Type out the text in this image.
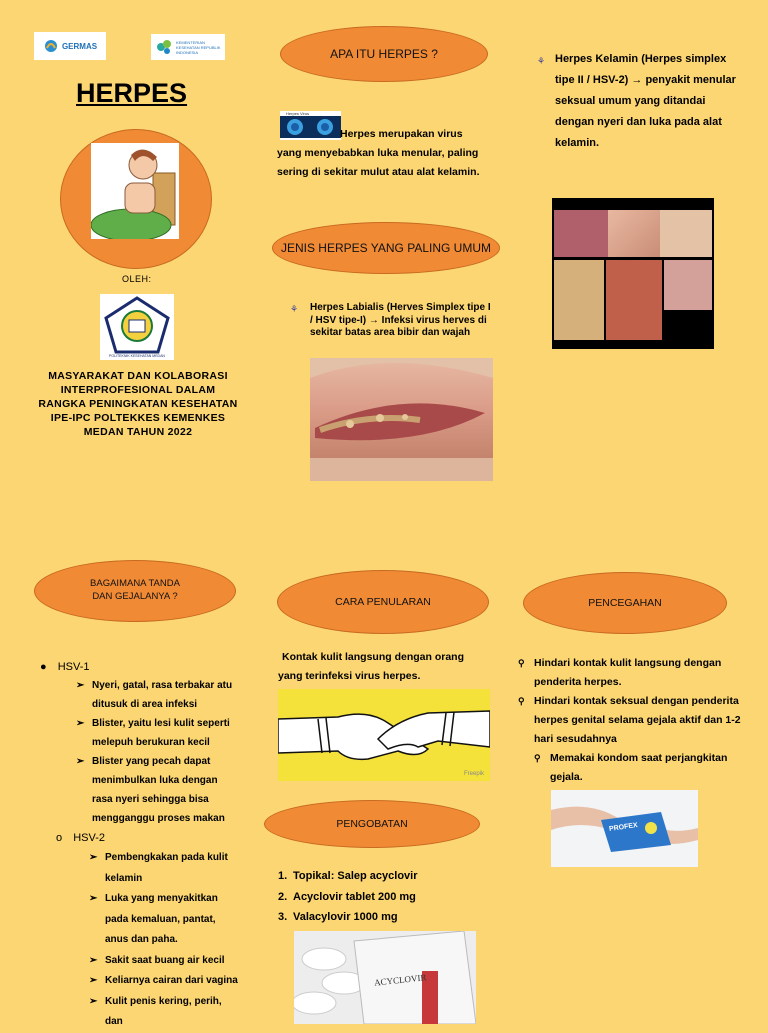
GERMAS	KEMENTERIAN KESEHATAN REPUBLIK INDONESIA
HERPES
OLEH:
POLITEKNIK KESEHATAN MEDAN
MASYARAKAT DAN KOLABORASI INTERPROFESIONAL DALAM RANGKA PENINGKATAN KESEHATAN IPE-IPC POLTEKKES KEMENKES MEDAN TAHUN 2022
APA ITU HERPES ?
Herpes Virus
Herpes merupakan virus yang menyebabkan luka menular, paling sering di sekitar mulut atau alat kelamin.
JENIS HERPES YANG PALING UMUM
⚘ Herpes Labialis (Herves Simplex tipe I / HSV tipe-I) → Infeksi virus herves di sekitar batas area bibir dan wajah
⚘ Herpes Kelamin (Herpes simplex tipe II / HSV-2) → penyakit menular seksual umum yang ditandai dengan nyeri dan luka pada alat kelamin.
BAGAIMANA TANDA DAN GEJALANYA ?
● HSV-1
➢ Nyeri, gatal, rasa terbakar atu ditusuk di area infeksi
➢ Blister, yaitu lesi kulit seperti melepuh berukuran kecil
➢ Blister yang pecah dapat menimbulkan luka dengan rasa nyeri sehingga bisa mengganggu proses makan
o HSV-2
➢ Pembengkakan pada kulit kelamin
➢ Luka yang menyakitkan pada kemaluan, pantat, anus dan paha.
➢ Sakit saat buang air kecil
➢ Keliarnya cairan dari vagina
➢ Kulit penis kering, perih, dan
CARA PENULARAN
Kontak kulit langsung dengan orang yang terinfeksi virus herpes.
Freepik
PENGOBATAN
1. Topikal: Salep acyclovir
2. Acyclovir tablet 200 mg
3. Valacylovir 1000 mg
ACYCLOVIR
PENCEGAHAN
⚲ Hindari kontak kulit langsung dengan penderita herpes.
⚲ Hindari kontak seksual dengan penderita herpes genital selama gejala aktif dan 1-2 hari sesudahnya
⚲ Memakai kondom saat perjangkitan gejala.
PROFEX
